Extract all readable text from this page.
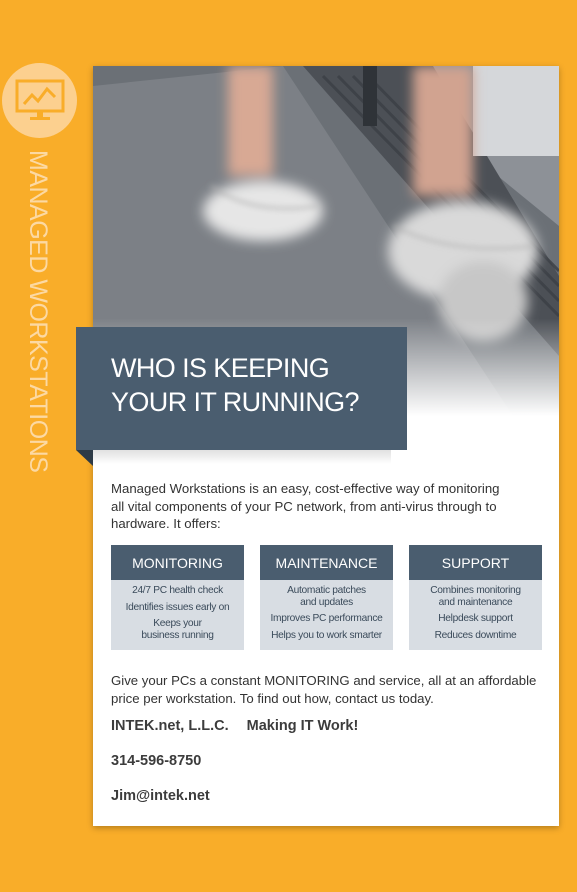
MANAGED WORKSTATIONS WHO IS KEEPING
YOUR IT RUNNING?
Managed Workstations is an easy, cost-effective way of monitoring
all vital components of your PC network, from anti-virus through to
hardware. It offers:
MONITORING
24/7 PC health check
Identifies issues early on
Keeps your
business running
MAINTENANCE
Automatic patches
and updates
Improves PC performance
Helps you to work smarter
SUPPORT
Combines monitoring
and maintenance
Helpdesk support
Reduces downtime
Give your PCs a constant MONITORING and service, all at an affordable
price per workstation. To find out how, contact us today.
INTEK.net, L.L.C. Making IT Work!
314-596-8750
Jim@intek.net
